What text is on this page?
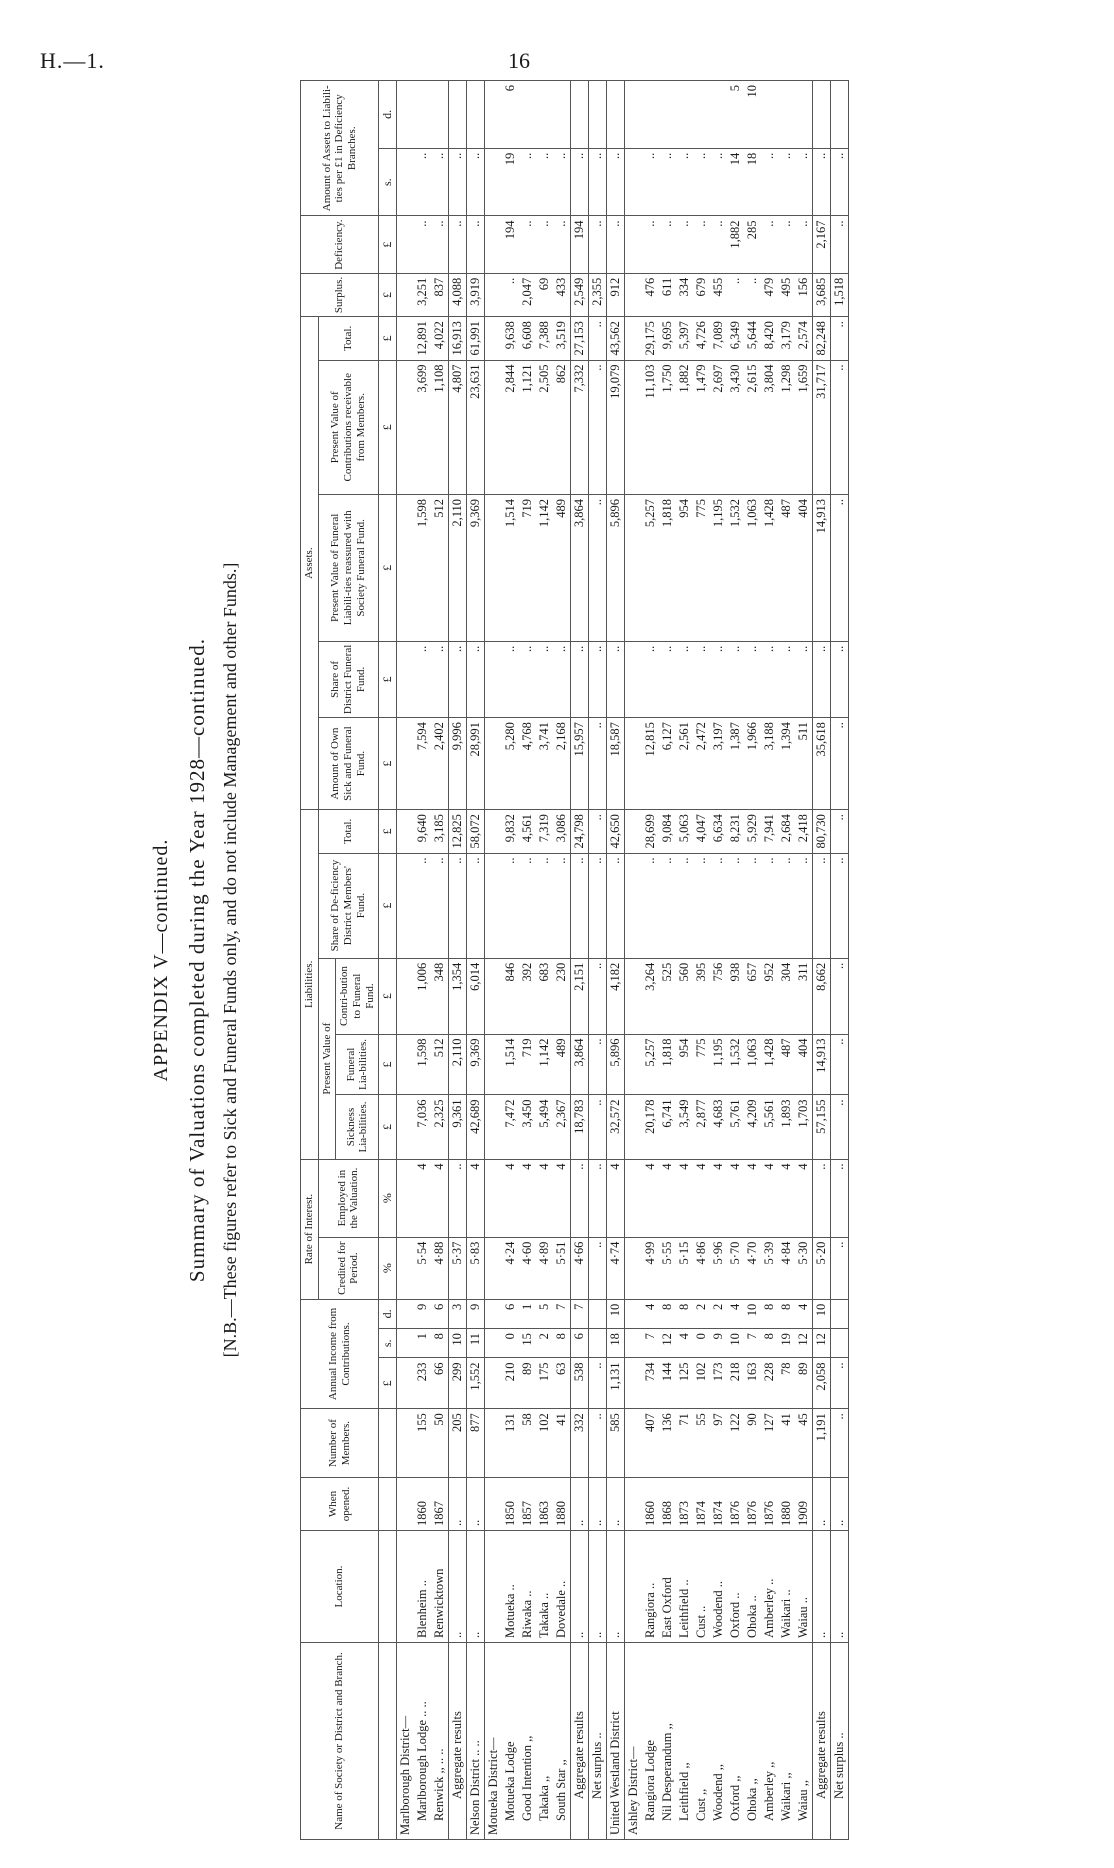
H.—1.	16
APPENDIX V—continued. Summary of Valuations completed during the Year 1928—continued. [N.B.—These figures refer to Sick and Funeral Funds only, and do not include Management and other Funds.]
Name of Society or District and Branch.	Location.	When opened.	Number of Members.	Annual Income from Contributions.			Rate of Interest.		Liabilities.					Assets.					Surplus.	Deficiency.	Amount of Assets to Liabili-ties per £1 in Deficiency Branches.	
							Credited for Period.	Employed in the Valuation.	Present Value of			Share of De-ficiency District Members' Fund.	Total.	Amount of Own Sick and Funeral Fund.	Share of District Funeral Fund.	Present Value of Funeral Liabili-ties reassured with Society Funeral Fund.	Present Value of Contributions receivable from Members.	Total.				
									Sickness Lia-bilities.	Funeral Lia-bilities.	Contri-bution to Funeral Fund.											
				£	s.	d.	%	%	£	£	£	£	£	£	£	£	£	£	£	£	s.	d.
Marlborough District—																						
Marlborough Lodge .. ..	Blenheim ..	1860	155	233	1	9	5·54	4	7,036	1,598	1,006	..	9,640	7,594	..	1,598	3,699	12,891	3,251	..	..	
Renwick ,, .. ..	Renwicktown	1867	50	66	8	6	4·88	4	2,325	512	348	..	3,185	2,402	..	512	1,108	4,022	837	..	..	
Aggregate results	..	..	205	299	10	3	5·37	..	9,361	2,110	1,354	..	12,825	9,996	..	2,110	4,807	16,913	4,088	..	..	
Nelson District .. ..	..	..	877	1,552	11	9	5·83	4	42,689	9,369	6,014	..	58,072	28,991	..	9,369	23,631	61,991	3,919	..	..	
Motueka District—																						
Motueka Lodge	Motueka ..	1850	131	210	0	6	4·24	4	7,472	1,514	846	..	9,832	5,280	..	1,514	2,844	9,638	..	194	19	6
Good Intention ,,	Riwaka ..	1857	58	89	15	1	4·60	4	3,450	719	392	..	4,561	4,768	..	719	1,121	6,608	2,047	..	..	
Takaka ,,	Takaka ..	1863	102	175	2	5	4·89	4	5,494	1,142	683	..	7,319	3,741	..	1,142	2,505	7,388	69	..	..	
South Star ,,	Dovedale ..	1880	41	63	8	7	5·51	4	2,367	489	230	..	3,086	2,168	..	489	862	3,519	433	..	..	
Aggregate results	..	..	332	538	6	7	4·66	..	18,783	3,864	2,151	..	24,798	15,957	..	3,864	7,332	27,153	2,549	194	..	
Net surplus ..	..	..	..	..			..	..	..	..	..	..	..	..	..	..	..	..	2,355	..	..	
United Westland District	..	..	585	1,131	18	10	4·74	4	32,572	5,896	4,182	..	42,650	18,587	..	5,896	19,079	43,562	912	..	..	
Ashley District—																						
Rangiora Lodge	Rangiora ..	1860	407	734	7	4	4·99	4	20,178	5,257	3,264	..	28,699	12,815	..	5,257	11,103	29,175	476	..	..	
Nil Desperandum ,,	East Oxford	1868	136	144	12	8	5·55	4	6,741	1,818	525	..	9,084	6,127	..	1,818	1,750	9,695	611	..	..	
Leithfield ,,	Leithfield ..	1873	71	125	4	8	5·15	4	3,549	954	560	..	5,063	2,561	..	954	1,882	5,397	334	..	..	
Cust ,,	Cust ..	1874	55	102	0	2	4·86	4	2,877	775	395	..	4,047	2,472	..	775	1,479	4,726	679	..	..	
Woodend ,,	Woodend ..	1874	97	173	9	2	5·96	4	4,683	1,195	756	..	6,634	3,197	..	1,195	2,697	7,089	455	..	..	
Oxford ,,	Oxford ..	1876	122	218	10	4	5·70	4	5,761	1,532	938	..	8,231	1,387	..	1,532	3,430	6,349	..	1,882	14	5
Ohoka ,,	Ohoka ..	1876	90	163	7	10	4·70	4	4,209	1,063	657	..	5,929	1,966	..	1,063	2,615	5,644	..	285	18	10
Amberley ,,	Amberley ..	1876	127	228	8	8	5·39	4	5,561	1,428	952	..	7,941	3,188	..	1,428	3,804	8,420	479	..	..	
Waikari ,,	Waikari ..	1880	41	78	19	8	4·84	4	1,893	487	304	..	2,684	1,394	..	487	1,298	3,179	495	..	..	
Waiau ,,	Waiau ..	1909	45	89	12	4	5·30	4	1,703	404	311	..	2,418	511	..	404	1,659	2,574	156	..	..	
Aggregate results	..	..	1,191	2,058	12	10	5·20	..	57,155	14,913	8,662	..	80,730	35,618	..	14,913	31,717	82,248	3,685	2,167	..	
Net surplus ..	..	..	..	..			..	..	..	..	..	..	..	..	..	..	..	..	1,518	..	..	
